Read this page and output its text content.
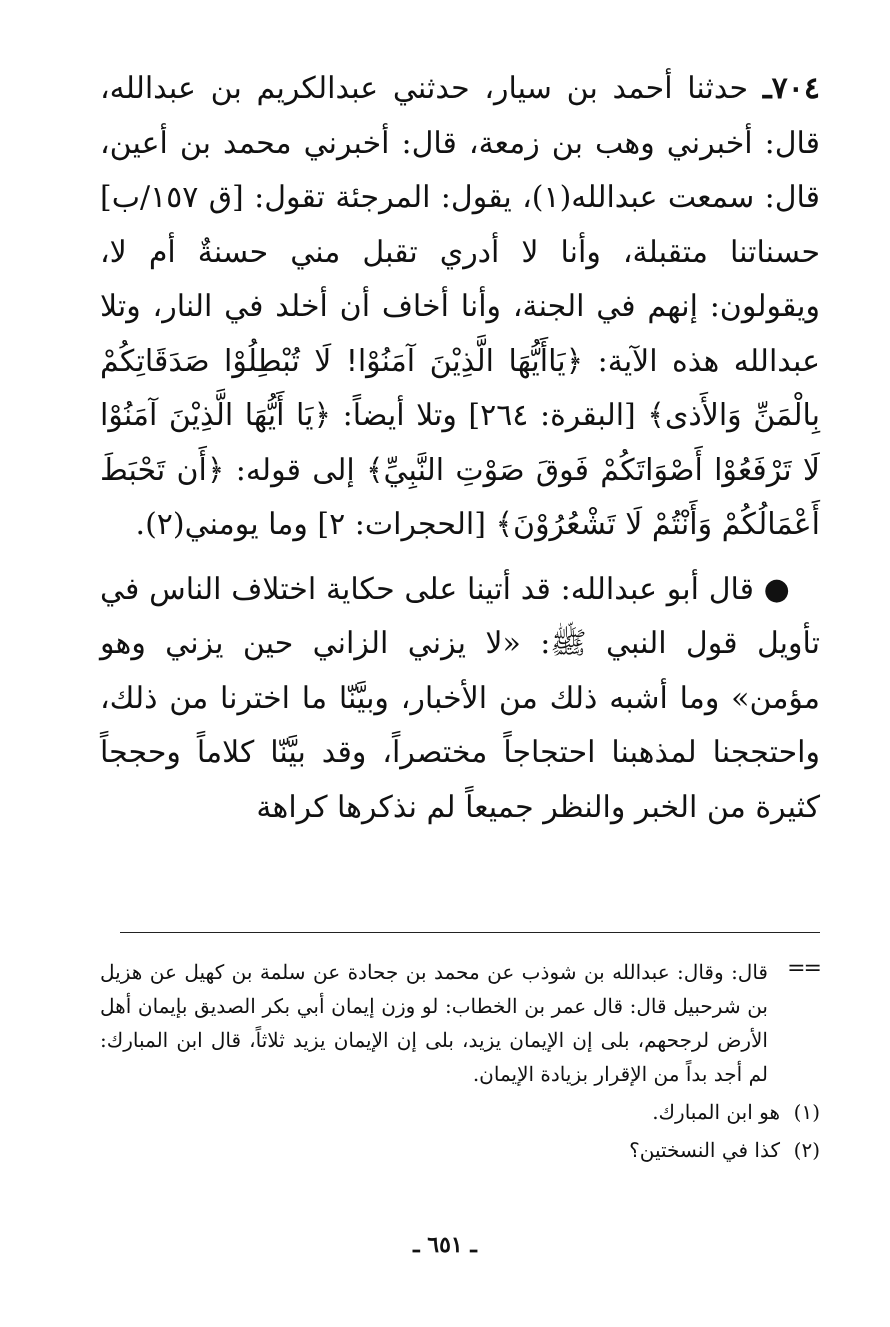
٧٠٤ـ حدثنا أحمد بن سيار، حدثني عبدالكريم بن عبدالله، قال: أخبرني وهب بن زمعة، قال: أخبرني محمد بن أعين، قال: سمعت عبدالله(١)، يقول: المرجئة تقول: [ق ١٥٧/ب] حسناتنا متقبلة، وأنا لا أدري تقبل مني حسنةٌ أم لا، ويقولون: إنهم في الجنة، وأنا أخاف أن أخلد في النار، وتلا عبدالله هذه الآية: ﴿يَاأَيُّهَا الَّذِيْنَ آمَنُوْا! لَا تُبْطِلُوْا صَدَقَاتِكُمْ بِالْمَنِّ وَالأَذى﴾ [البقرة: ٢٦٤] وتلا أيضاً: ﴿يَا أَيُّهَا الَّذِيْنَ آمَنُوْا لَا تَرْفَعُوْا أَصْوَاتَكُمْ فَوقَ صَوْتِ النَّبِيِّ﴾ إلى قوله: ﴿أَن تَحْبَطَ أَعْمَالُكُمْ وَأَنْتُمْ لَا تَشْعُرُوْنَ﴾ [الحجرات: ٢] وما يومني(٢).

● قال أبو عبدالله: قد أتينا على حكاية اختلاف الناس في تأويل قول النبي ﷺ: «لا يزني الزاني حين يزني وهو مؤمن» وما أشبه ذلك من الأخبار، وبيَّنّا ما اخترنا من ذلك، واحتججنا لمذهبنا احتجاجاً مختصراً، وقد بيَّنّا كلاماً وحججاً كثيرة من الخبر والنظر جميعاً لم نذكرها كراهة

==
قال: وقال: عبدالله بن شوذب عن محمد بن جحادة عن سلمة بن كهيل عن هزيل بن شرحبيل قال: قال عمر بن الخطاب: لو وزن إيمان أبي بكر الصديق بإيمان أهل الأرض لرجحهم، بلى إن الإيمان يزيد، بلى إن الإيمان يزيد ثلاثاً، قال ابن المبارك: لم أجد بداً من الإقرار بزيادة الإيمان.

(١)هو ابن المبارك.

(٢)كذا في النسختين؟

ـ ٦٥١ ـ
